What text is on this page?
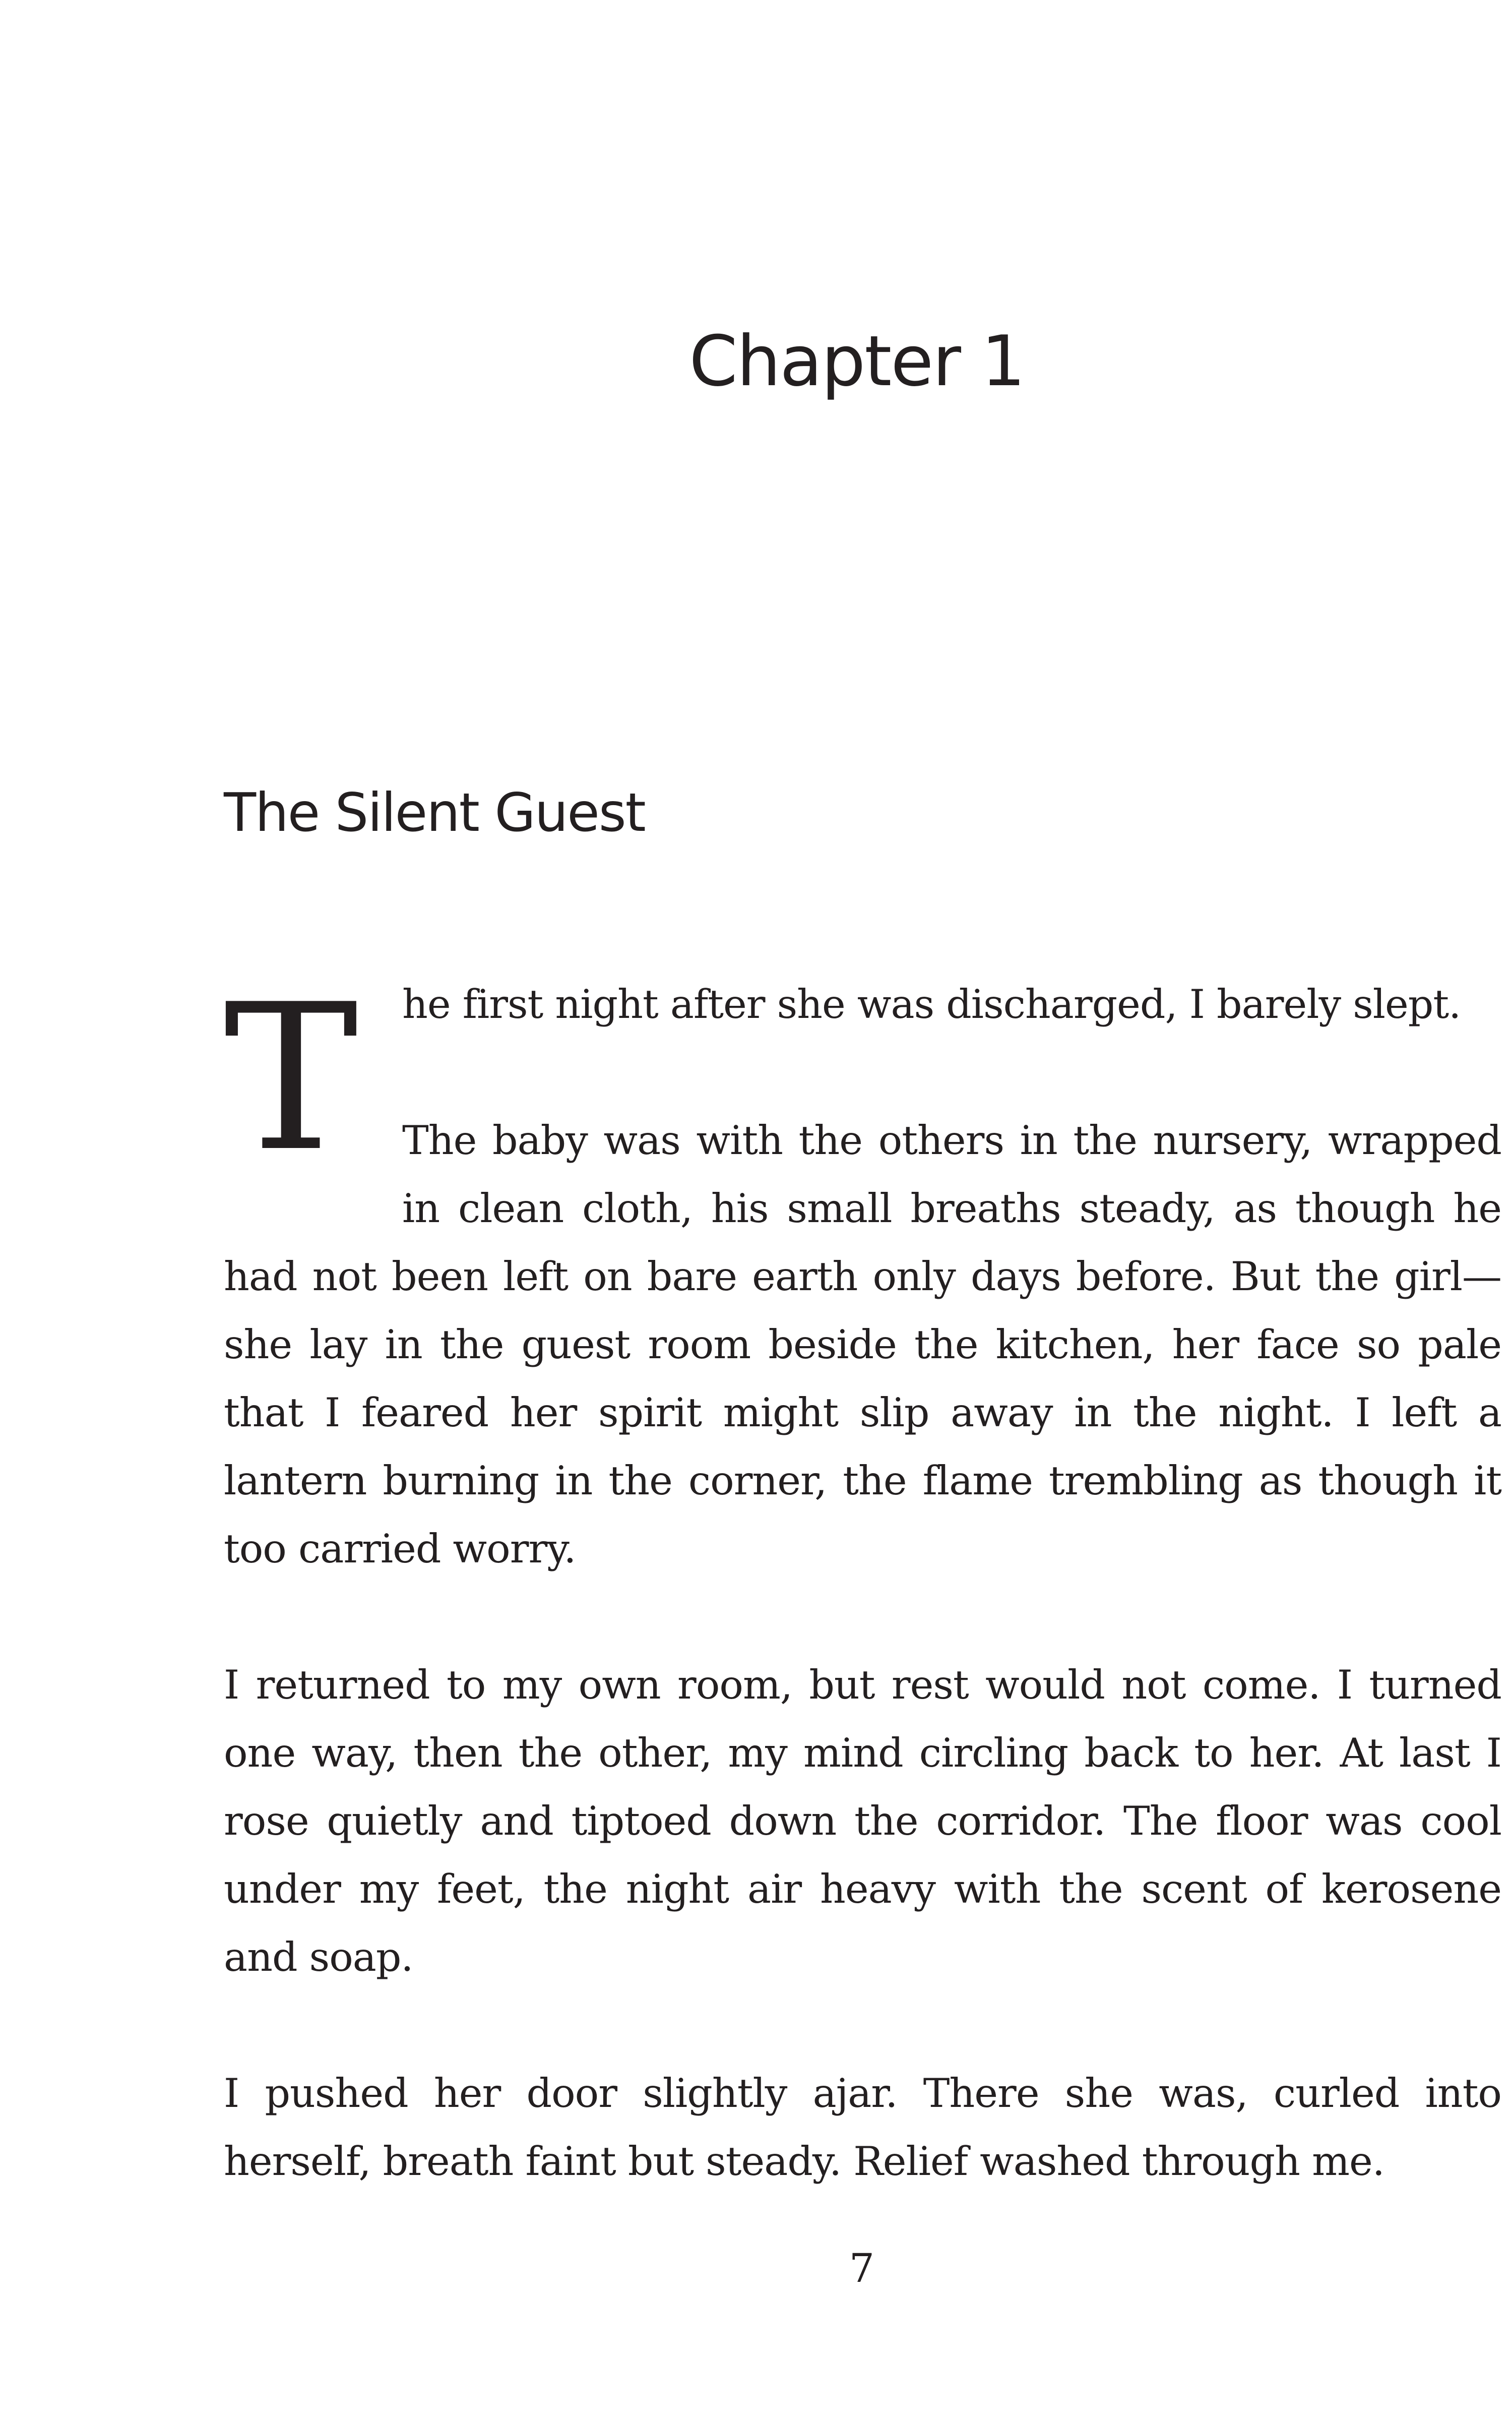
Chapter 1
The Silent Guest
T he first night after she was discharged, I barely slept.

The baby was with the others in the nursery, wrapped in clean cloth, his small breaths steady, as though he had not been left on bare earth only days before. But the girl—she lay in the guest room beside the kitchen, her face so pale that I feared her spirit might slip away in the night. I left a lantern burning in the corner, the flame trembling as though it too carried worry.

I returned to my own room, but rest would not come. I turned one way, then the other, my mind circling back to her. At last I rose quietly and tiptoed down the corridor. The floor was cool under my feet, the night air heavy with the scent of kerosene and soap.

I pushed her door slightly ajar. There she was, curled into herself, breath faint but steady. Relief washed through me.

7
